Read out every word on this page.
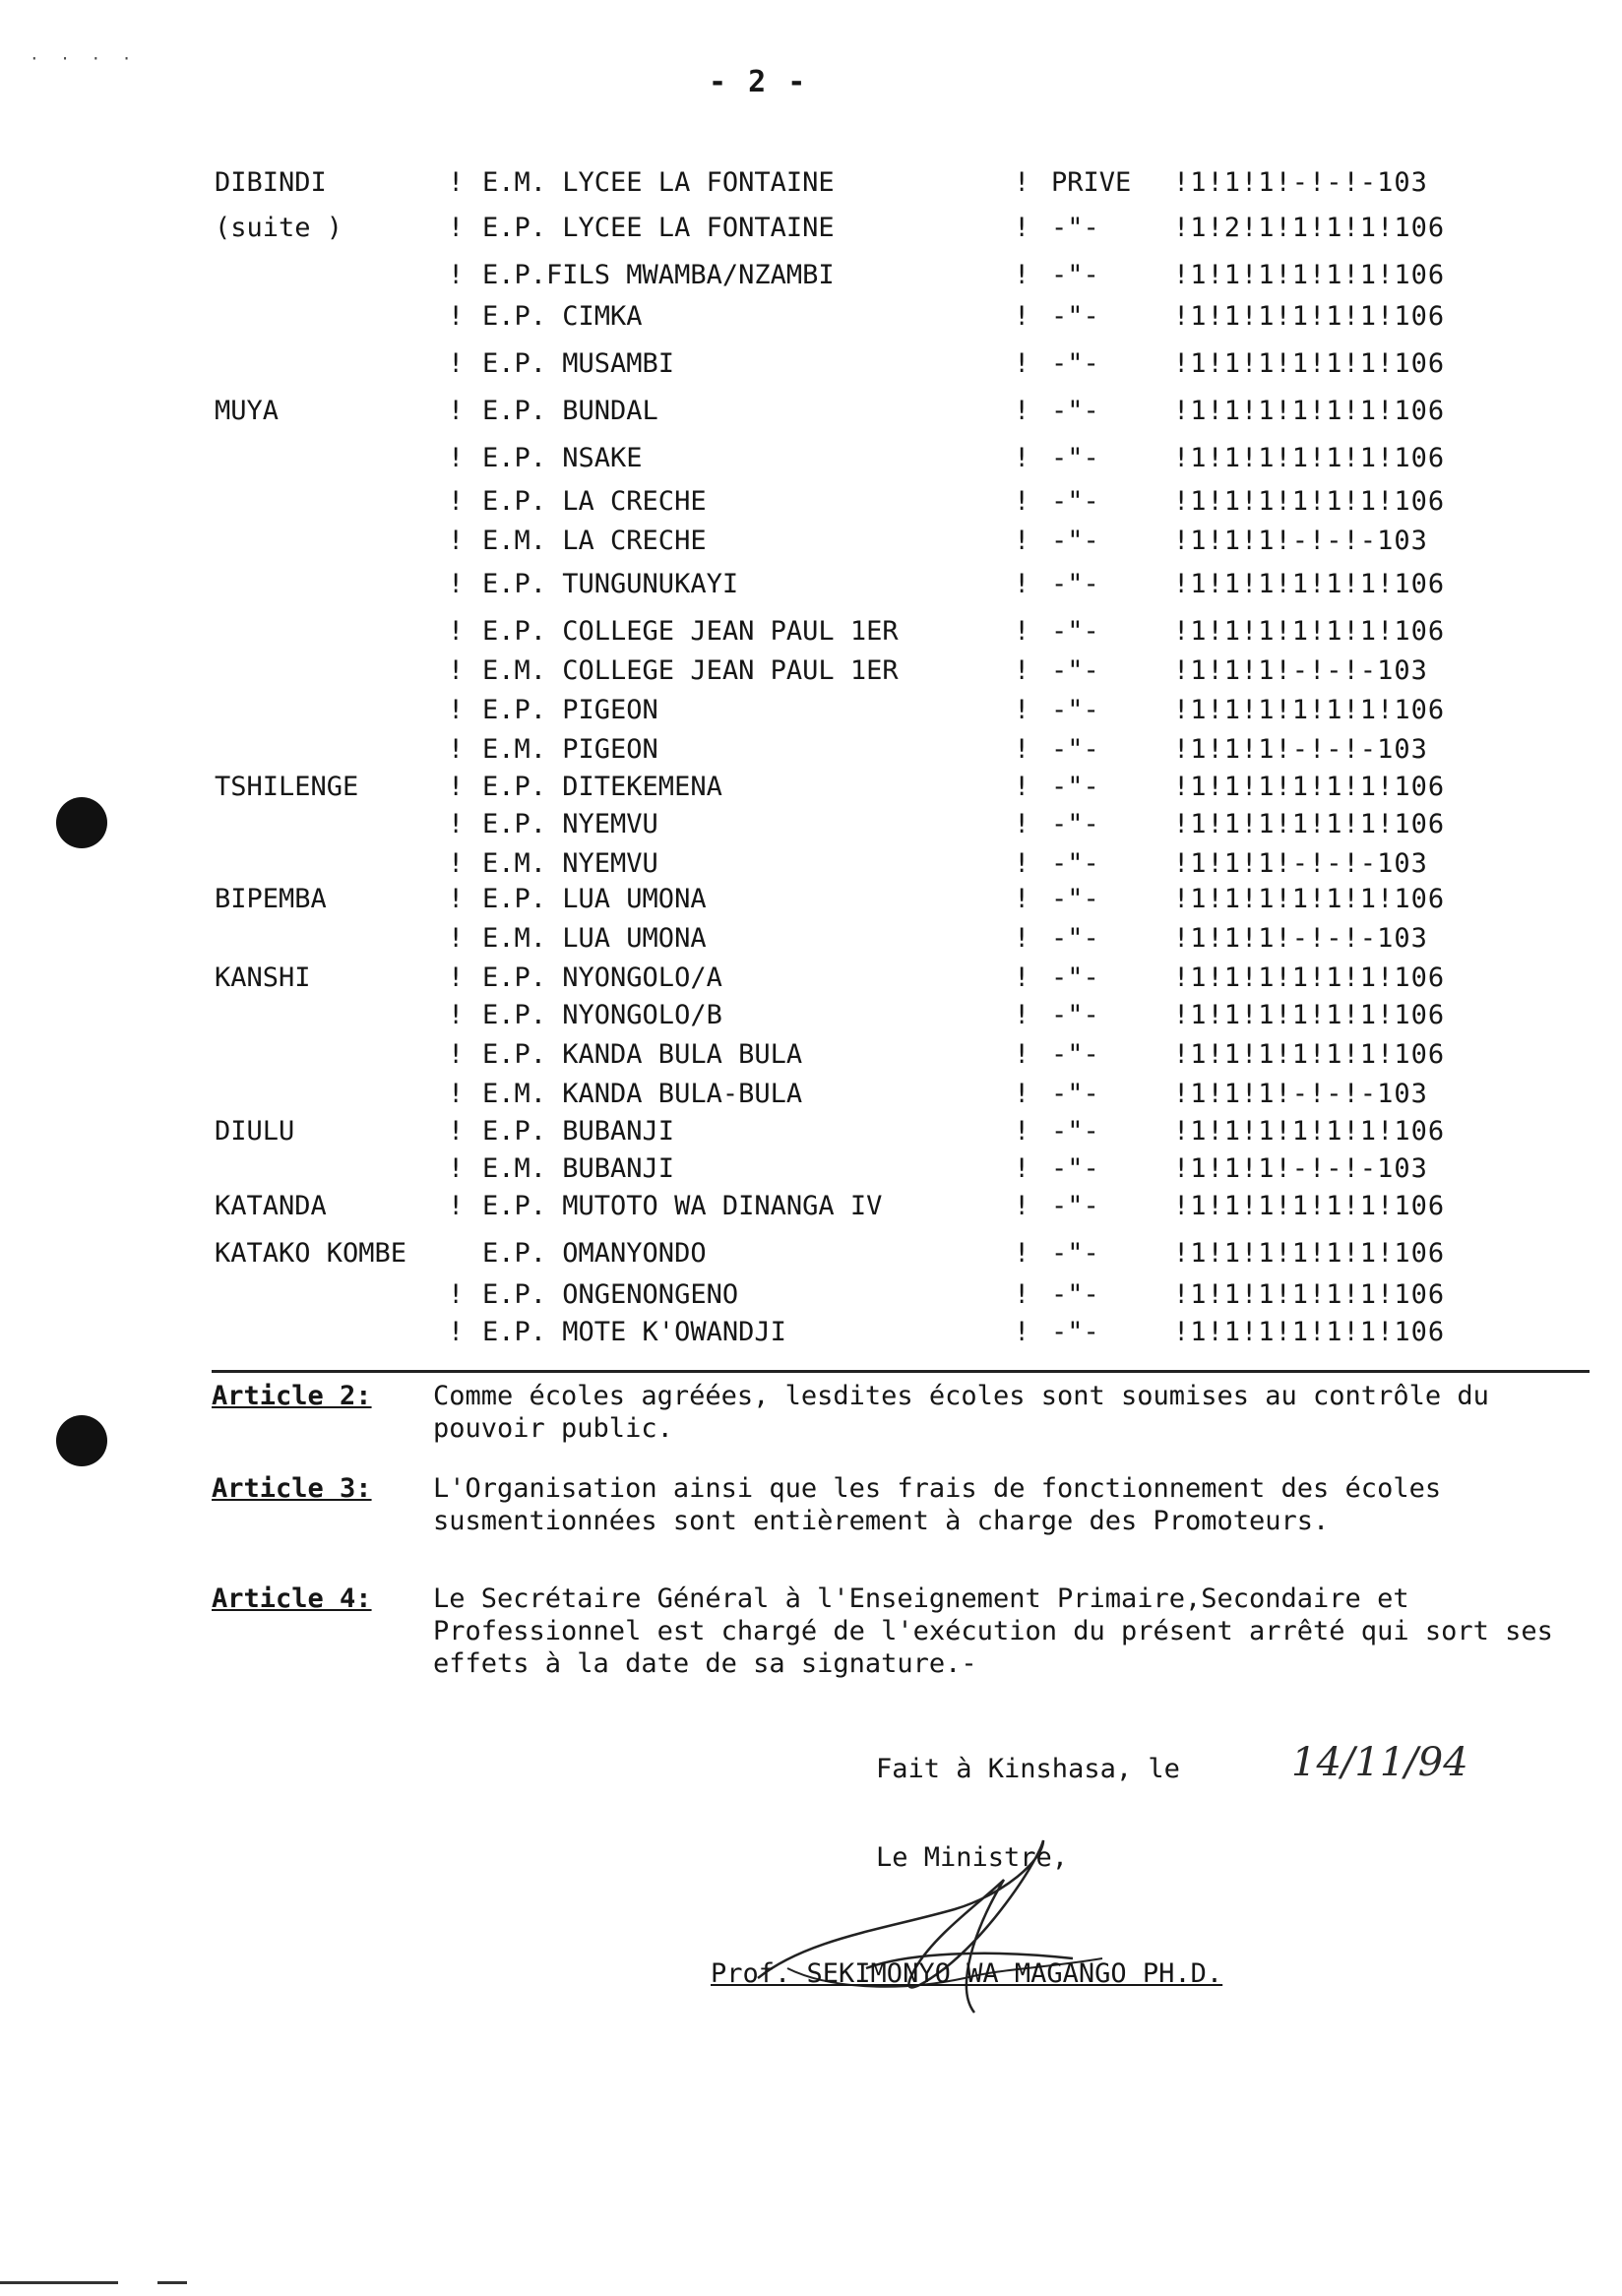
· · · ·
- 2 -
DIBINDI	! E.M. LYCEE LA FONTAINE	! PRIVE !1!1!1!-!-!-103
(suite )	! E.P. LYCEE LA FONTAINE	! -"-	!1!2!1!1!1!1!106
! E.P.FILS MWAMBA/NZAMBI	! -"-	!1!1!1!1!1!1!106
! E.P. CIMKA	! -"-	!1!1!1!1!1!1!106
! E.P. MUSAMBI	! -"-	!1!1!1!1!1!1!106
MUYA	! E.P. BUNDAL	! -"-	!1!1!1!1!1!1!106
! E.P. NSAKE	! -"-	!1!1!1!1!1!1!106
! E.P. LA CRECHE	! -"-	!1!1!1!1!1!1!106
! E.M. LA CRECHE	! -"-	!1!1!1!-!-!-103
! E.P. TUNGUNUKAYI	! -"-	!1!1!1!1!1!1!106
! E.P. COLLEGE JEAN PAUL 1ER	! -"-	!1!1!1!1!1!1!106
! E.M. COLLEGE JEAN PAUL 1ER	! -"-	!1!1!1!-!-!-103
! E.P. PIGEON	! -"-	!1!1!1!1!1!1!106
! E.M. PIGEON	! -"-	!1!1!1!-!-!-103
TSHILENGE	! E.P. DITEKEMENA	! -"-	!1!1!1!1!1!1!106
! E.P. NYEMVU	! -"-	!1!1!1!1!1!1!106
! E.M. NYEMVU	! -"-	!1!1!1!-!-!-103
BIPEMBA	! E.P. LUA UMONA	! -"-	!1!1!1!1!1!1!106
! E.M. LUA UMONA	! -"-	!1!1!1!-!-!-103
KANSHI	! E.P. NYONGOLO/A	! -"-	!1!1!1!1!1!1!106
! E.P. NYONGOLO/B	! -"-	!1!1!1!1!1!1!106
! E.P. KANDA BULA BULA	! -"-	!1!1!1!1!1!1!106
! E.M. KANDA BULA-BULA	! -"-	!1!1!1!-!-!-103
DIULU	! E.P. BUBANJI	! -"-	!1!1!1!1!1!1!106
! E.M. BUBANJI	! -"-	!1!1!1!-!-!-103
KATANDA	! E.P. MUTOTO WA DINANGA IV	! -"-	!1!1!1!1!1!1!106
KATAKO KOMBE	E.P. OMANYONDO	! -"-	!1!1!1!1!1!1!106
! E.P. ONGENONGENO	! -"-	!1!1!1!1!1!1!106
! E.P. MOTE K'OWANDJI	! -"-	!1!1!1!1!1!1!106
Article 2: Comme écoles agréées, lesdites écoles sont soumises au contrôle du pouvoir public.
Article 3: L'Organisation ainsi que les frais de fonctionnement des écoles susmentionnées sont entièrement à charge des Promoteurs.
Article 4: Le Secrétaire Général à l'Enseignement Primaire,Secondaire et Professionnel est chargé de l'exécution du présent arrêté qui sort ses effets à la date de sa signature.-
Fait à Kinshasa, le	14/11/94
Le Ministre,
Prof. SEKIMONYO WA MAGANGO PH.D.
